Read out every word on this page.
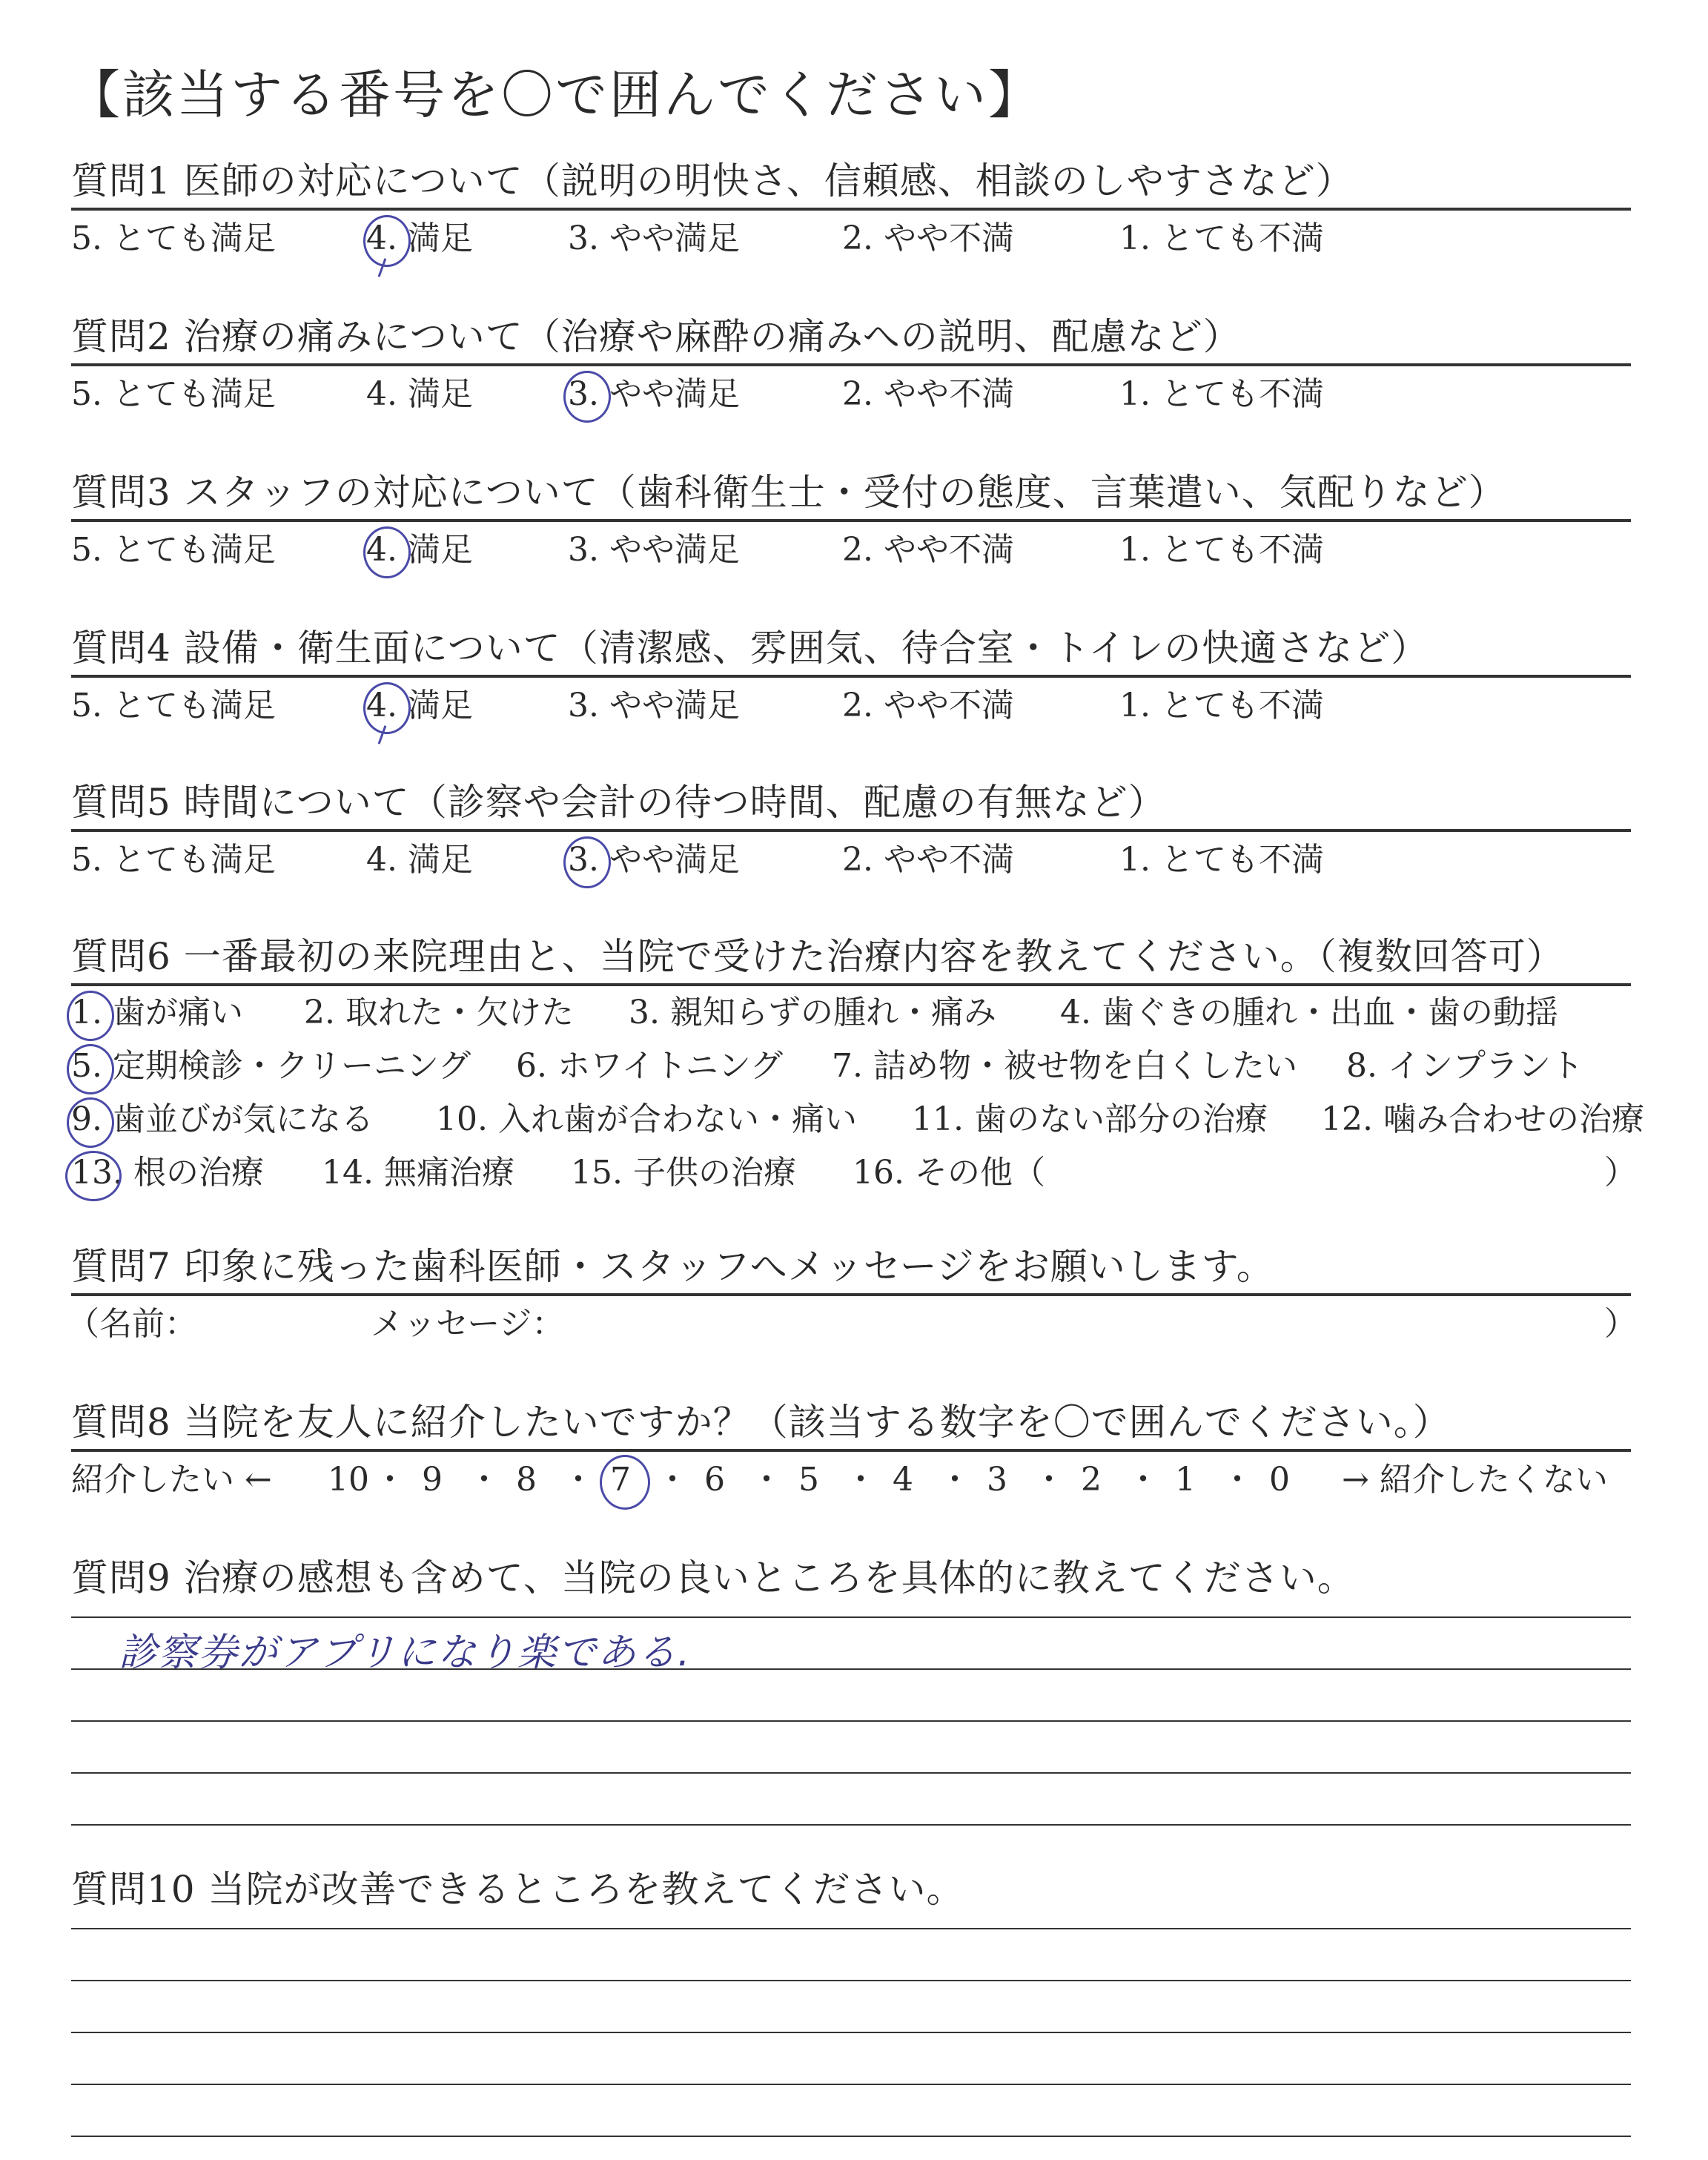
【該当する番号を〇で囲んでください】
質問1 医師の対応について（説明の明快さ、信頼感、相談のしやすさなど）
5. とても満足	4. 満足	3. やや満足	2. やや不満	1. とても不満
質問2 治療の痛みについて（治療や麻酔の痛みへの説明、配慮など）
5. とても満足	4. 満足	3. やや満足	2. やや不満	1. とても不満
質問3 スタッフの対応について（歯科衛生士・受付の態度、言葉遣い、気配りなど）
5. とても満足	4. 満足	3. やや満足	2. やや不満	1. とても不満
質問4 設備・衛生面について（清潔感、雰囲気、待合室・トイレの快適さなど）
5. とても満足	4. 満足	3. やや満足	2. やや不満	1. とても不満
質問5 時間について（診察や会計の待つ時間、配慮の有無など）
5. とても満足	4. 満足	3. やや満足	2. やや不満	1. とても不満
質問6 一番最初の来院理由と、当院で受けた治療内容を教えてください。（複数回答可）
1. 歯が痛い 2. 取れた・欠けた 3. 親知らずの腫れ・痛み 4. 歯ぐきの腫れ・出血・歯の動揺
5. 定期検診・クリーニング 6. ホワイトニング 7. 詰め物・被せ物を白くしたい 8. インプラント
9. 歯並びが気になる 10. 入れ歯が合わない・痛い 11. 歯のない部分の治療 12. 噛み合わせの治療
13. 根の治療 14. 無痛治療 15. 子供の治療 16. その他（	）
質問7 印象に残った歯科医師・スタッフへメッセージをお願いします。
（名前：	メッセージ：	）
質問8 当院を友人に紹介したいですか？（該当する数字を〇で囲んでください。）
紹介したい ←	→ 紹介したくない
10 ・ 9 ・ 8 ・ 7 ・ 6 ・ 5 ・ 4 ・ 3 ・ 2 ・ 1 ・ 0
質問9 治療の感想も含めて、当院の良いところを具体的に教えてください。
診察券がアプリになり楽である.
質問10 当院が改善できるところを教えてください。
